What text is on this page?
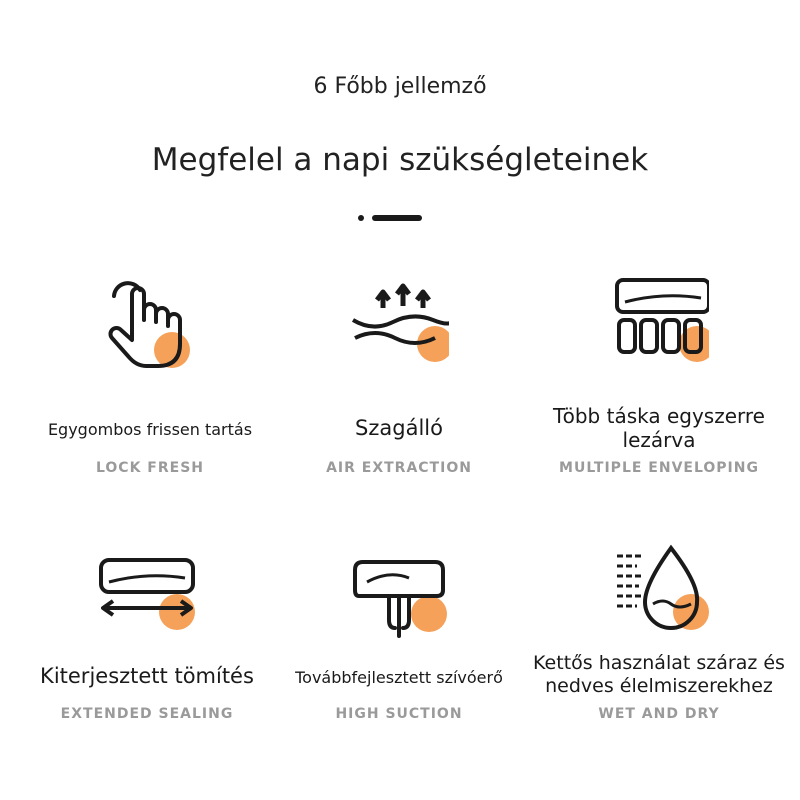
6 Főbb jellemző
Megfelel a napi szükségleteinek
Egygombos frissen tartás
LOCK FRESH
Szagálló
AIR EXTRACTION
Több táska egyszerre lezárva
MULTIPLE ENVELOPING
Kiterjesztett tömítés
EXTENDED SEALING
Továbbfejlesztett szívóerő
HIGH SUCTION
Kettős használat száraz és nedves élelmiszerekhez
WET AND DRY
